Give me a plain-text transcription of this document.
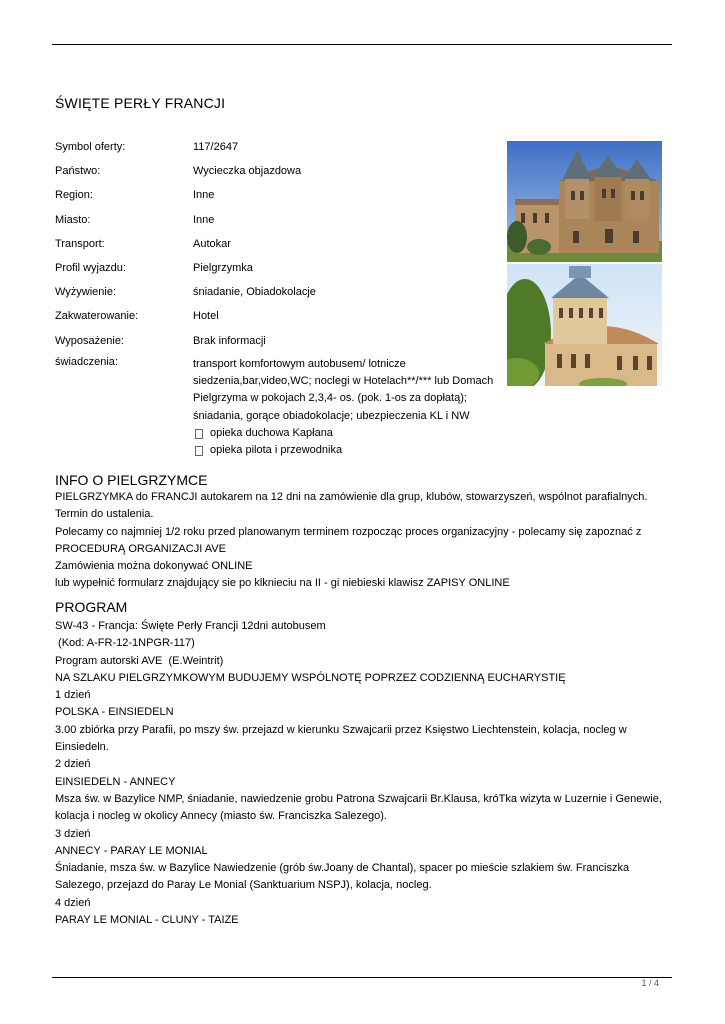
ŚWIĘTE PERŁY FRANCJI
Symbol oferty:	117/2647
Państwo:	Wycieczka objazdowa
Region:	Inne
Miasto:	Inne
Transport:	Autokar
Profil wyjazdu:	Pielgrzymka
Wyżywienie:	śniadanie, Obiadokolacje
Zakwaterowanie:	Hotel
Wyposażenie:	Brak informacji
świadczenia:	transport komfortowym autobusem/ lotnicze
siedzenia,bar,video,WC; noclegi w Hotelach**/*** lub Domach
Pielgrzyma w pokojach 2,3,4- os. (pok. 1-os za dopłatą);
śniadania, gorące obiadokolacje; ubezpieczenia KL i NW
opieka duchowa Kapłana
opieka pilota i przewodnika
INFO O PIELGRZYMCE
PIELGRZYMKA do FRANCJI autokarem na 12 dni na zamówienie dla grup, klubów, stowarzyszeń, wspólnot parafialnych.
Termin do ustalenia.
Polecamy co najmniej 1/2 roku przed planowanym terminem rozpocząc proces organizacyjny - polecamy się zapoznać z
PROCEDURĄ ORGANIZACJI AVE
Zamówienia można dokonywać ONLINE
lub wypełnić formularz znajdujący sie po klknieciu na II - gi niebieski klawisz ZAPISY ONLINE
PROGRAM
SW-43 - Francja: Święte Perły Francji 12dni autobusem
(Kod: A-FR-12-1NPGR-117)
Program autorski AVE  (E.Weintrit)
NA SZLAKU PIELGRZYMKOWYM BUDUJEMY WSPÓLNOTĘ POPRZEZ CODZIENNĄ EUCHARYSTIĘ
1 dzień
POLSKA - EINSIEDELN
3.00 zbiórka przy Parafii, po mszy św. przejazd w kierunku Szwajcarii przez Księstwo Liechtenstein, kolacja, nocleg w
Einsiedeln.
2 dzień
EINSIEDELN - ANNECY
Msza św. w Bazylice NMP, śniadanie, nawiedzenie grobu Patrona Szwajcarii Br.Klausa, króTka wizyta w Luzernie i Genewie,
kolacja i nocleg w okolicy Annecy (miasto św. Franciszka Salezego).
3 dzień
ANNECY - PARAY LE MONIAL
Śniadanie, msza św. w Bazylice Nawiedzenie (grób św.Joany de Chantal), spacer po mieście szlakiem św. Franciszka
Salezego, przejazd do Paray Le Monial (Sanktuarium NSPJ), kolacja, nocleg.
4 dzień
PARAY LE MONIAL - CLUNY - TAIZE
1 / 4
